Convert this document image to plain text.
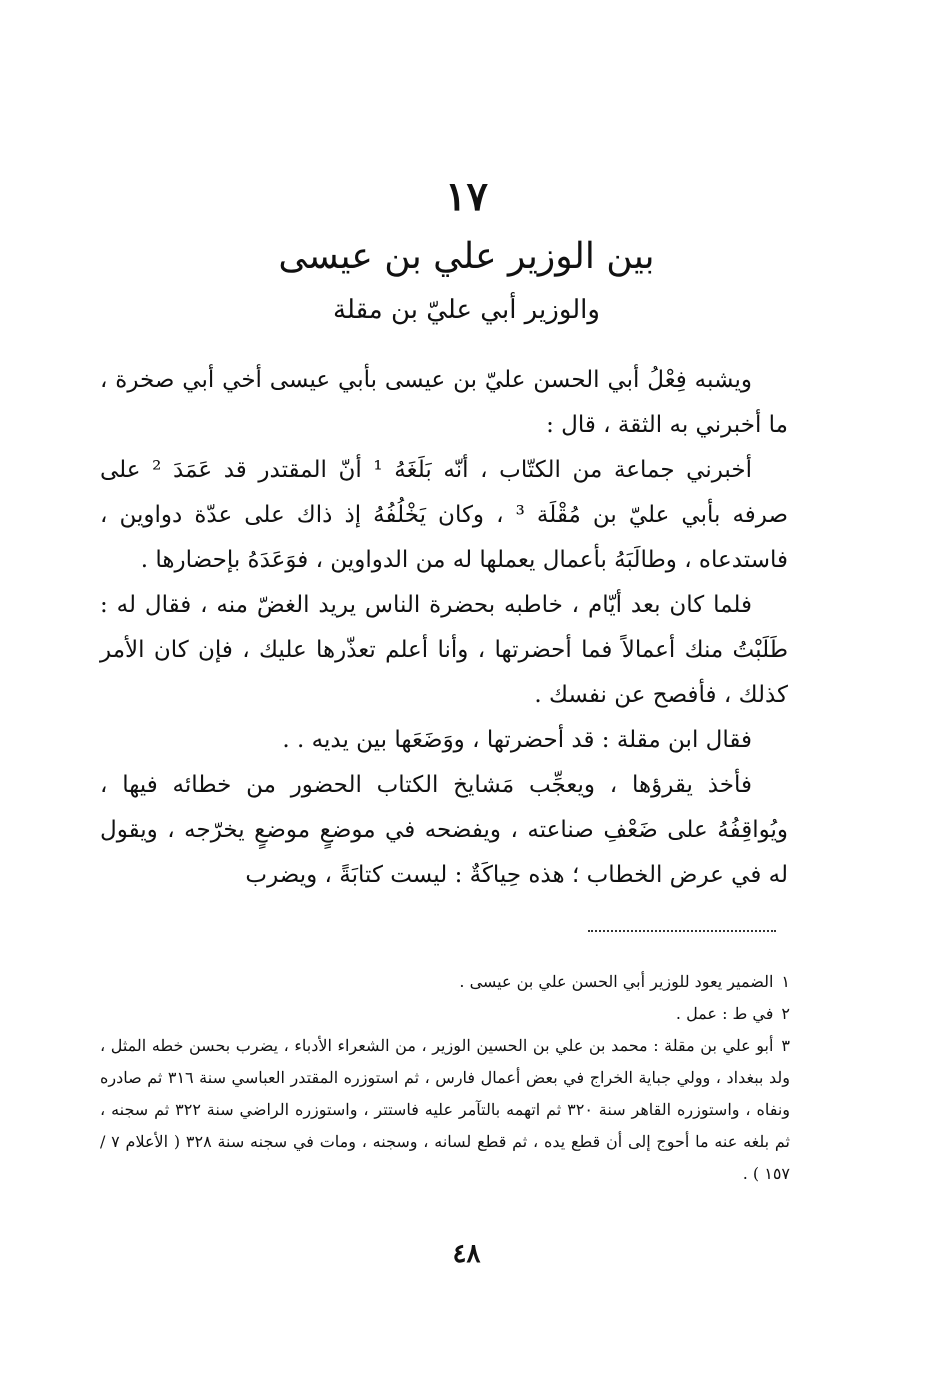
١٧
بين الوزير علي بن عيسى
والوزير أبي عليّ بن مقلة

ويشبه فِعْلُ أبي الحسن عليّ بن عيسى بأبي عيسى أخي أبي صخرة ، ما أخبرني به الثقة ، قال :

أخبرني جماعة من الكتّاب ، أنّه بَلَغَهُ ¹ أنّ المقتدر قد عَمَدَ ² على صرفه بأبي عليّ بن مُقْلَة ³ ، وكان يَخْلُفُهُ إذ ذاك على عدّة دواوين ، فاستدعاه ، وطالَبَهُ بأعمال يعملها له من الدواوين ، فوَعَدَهُ بإحضارها .

فلما كان بعد أيّام ، خاطبه بحضرة الناس يريد الغضّ منه ، فقال له : طَلَبْتُ منك أعمالاً فما أحضرتها ، وأنا أعلم تعذّرها عليك ، فإن كان الأمر كذلك ، فأفصح عن نفسك .

فقال ابن مقلة : قد أحضرتها ، ووَضَعَها بين يديه . .

فأخذ يقرؤها ، ويعجِّب مَشايخ الكتاب الحضور من خطائه فيها ، ويُواقِفُهُ على ضَعْفِ صناعته ، ويفضحه في موضعٍ موضعٍ يخرّجه ، ويقول له في عرض الخطاب ؛ هذه حِياكَةٌ : ليست كتابَةً ، ويضرب

١الضمير يعود للوزير أبي الحسن علي بن عيسى .

٢في ط : عمل .

٣أبو علي بن مقلة : محمد بن علي بن الحسين الوزير ، من الشعراء الأدباء ، يضرب بحسن خطه المثل ، ولد ببغداد ، وولي جباية الخراج في بعض أعمال فارس ، ثم استوزره المقتدر العباسي سنة ٣١٦ ثم صادره ونفاه ، واستوزره القاهر سنة ٣٢٠ ثم اتهمه بالتآمر عليه فاستتر ، واستوزره الراضي سنة ٣٢٢ ثم سجنه ، ثم بلغه عنه ما أحوج إلى أن قطع يده ، ثم قطع لسانه ، وسجنه ، ومات في سجنه سنة ٣٢٨ ( الأعلام ٧ / ١٥٧ ) .

٤٨
